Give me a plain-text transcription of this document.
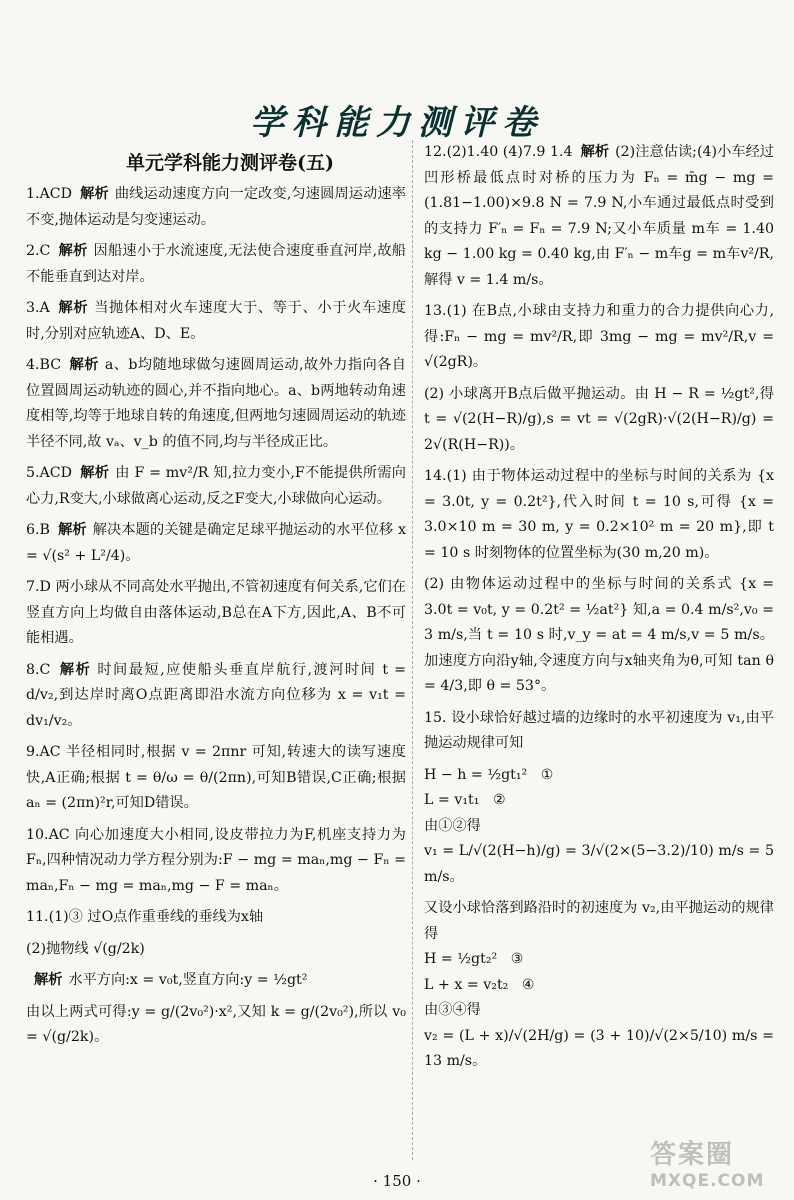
学科能力测评卷
单元学科能力测评卷(五)
1.ACD 解析 曲线运动速度方向一定改变,匀速圆周运动速率不变,抛体运动是匀变速运动。
2.C 解析 因船速小于水流速度,无法使合速度垂直河岸,故船不能垂直到达对岸。
3.A 解析 当抛体相对火车速度大于、等于、小于火车速度时,分别对应轨迹A、D、E。
4.BC 解析 a、b均随地球做匀速圆周运动,故外力指向各自位置圆周运动轨迹的圆心,并不指向地心。a、b两地转动角速度相等,均等于地球自转的角速度,但两地匀速圆周运动的轨迹半径不同,故 vₐ、v_b 的值不同,均与半径成正比。
5.ACD 解析 由 F = mv²/R 知,拉力变小,F不能提供所需向心力,R变大,小球做离心运动,反之F变大,小球做向心运动。
6.B 解析 解决本题的关键是确定足球平抛运动的水平位移 x = √(s² + L²/4)。
7.D 两小球从不同高处水平抛出,不管初速度有何关系,它们在竖直方向上均做自由落体运动,B总在A下方,因此,A、B不可能相遇。
8.C 解析 时间最短,应使船头垂直岸航行,渡河时间 t = d/v₂,到达岸时离O点距离即沿水流方向位移为 x = v₁t = dv₁/v₂。
9.AC 半径相同时,根据 v = 2πnr 可知,转速大的读写速度快,A正确;根据 t = θ/ω = θ/(2πn),可知B错误,C正确;根据 aₙ = (2πn)²r,可知D错误。
10.AC 向心加速度大小相同,设皮带拉力为F,机座支持力为Fₙ,四种情况动力学方程分别为:F − mg = maₙ,mg − Fₙ = maₙ,Fₙ − mg = maₙ,mg − F = maₙ。
11.(1)③ 过O点作重垂线的垂线为x轴
(2)抛物线 √(g/2k)
解析 水平方向:x = v₀t,竖直方向:y = ½gt²
由以上两式可得:y = g/(2v₀²)·x²,又知 k = g/(2v₀²),所以 v₀ = √(g/2k)。
12.(2)1.40 (4)7.9 1.4 解析 (2)注意估读;(4)小车经过凹形桥最低点时对桥的压力为 Fₙ = m̄g − mg = (1.81−1.00)×9.8 N = 7.9 N,小车通过最低点时受到的支持力 F′ₙ = Fₙ = 7.9 N;又小车质量 m车 = 1.40 kg − 1.00 kg = 0.40 kg,由 F′ₙ − m车g = m车v²/R,解得 v = 1.4 m/s。
13.(1) 在B点,小球由支持力和重力的合力提供向心力,得:Fₙ − mg = mv²/R,即 3mg − mg = mv²/R,v = √(2gR)。
(2) 小球离开B点后做平抛运动。由 H − R = ½gt²,得 t = √(2(H−R)/g),s = vt = √(2gR)·√(2(H−R)/g) = 2√(R(H−R))。
14.(1) 由于物体运动过程中的坐标与时间的关系为 {x = 3.0t, y = 0.2t²},代入时间 t = 10 s,可得 {x = 3.0×10 m = 30 m, y = 0.2×10² m = 20 m},即 t = 10 s 时刻物体的位置坐标为(30 m,20 m)。
(2) 由物体运动过程中的坐标与时间的关系式 {x = 3.0t = v₀t, y = 0.2t² = ½at²} 知,a = 0.4 m/s²,v₀ = 3 m/s,当 t = 10 s 时,v_y = at = 4 m/s,v = 5 m/s。加速度方向沿y轴,令速度方向与x轴夹角为θ,可知 tan θ = 4/3,即 θ = 53°。
15. 设小球恰好越过墙的边缘时的水平初速度为 v₁,由平抛运动规律可知
H − h = ½gt₁²   ①
L = v₁t₁   ②
由①②得
v₁ = L/√(2(H−h)/g) = 3/√(2×(5−3.2)/10) m/s = 5 m/s。
又设小球恰落到路沿时的初速度为 v₂,由平抛运动的规律得
H = ½gt₂²   ③
L + x = v₂t₂   ④
由③④得
v₂ = (L + x)/√(2H/g) = (3 + 10)/√(2×5/10) m/s = 13 m/s。
· 150 ·
答案圈
MXQE.COM
